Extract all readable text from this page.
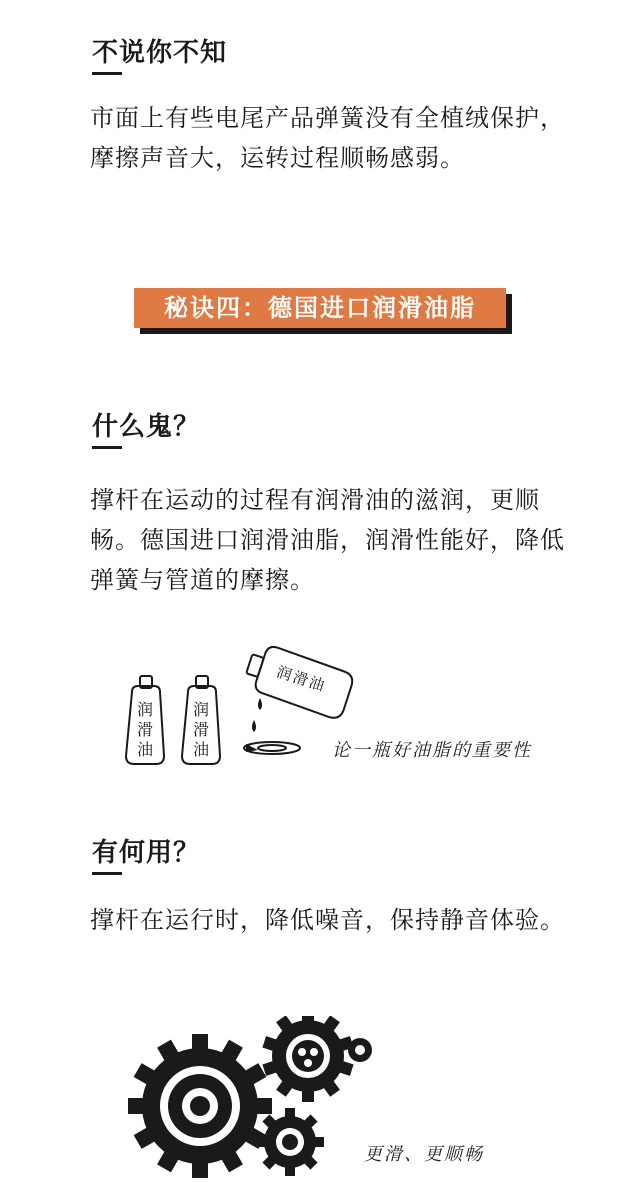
不说你不知
市面上有些电尾产品弹簧没有全植绒保护，摩擦声音大，运转过程顺畅感弱。
秘诀四：德国进口润滑油脂
什么鬼？
撑杆在运动的过程有润滑油的滋润，更顺畅。德国进口润滑油脂，润滑性能好，降低弹簧与管道的摩擦。
润
滑
油
润
滑
油
润滑油
论一瓶好油脂的重要性
有何用？
撑杆在运行时，降低噪音，保持静音体验。
更滑、更顺畅
